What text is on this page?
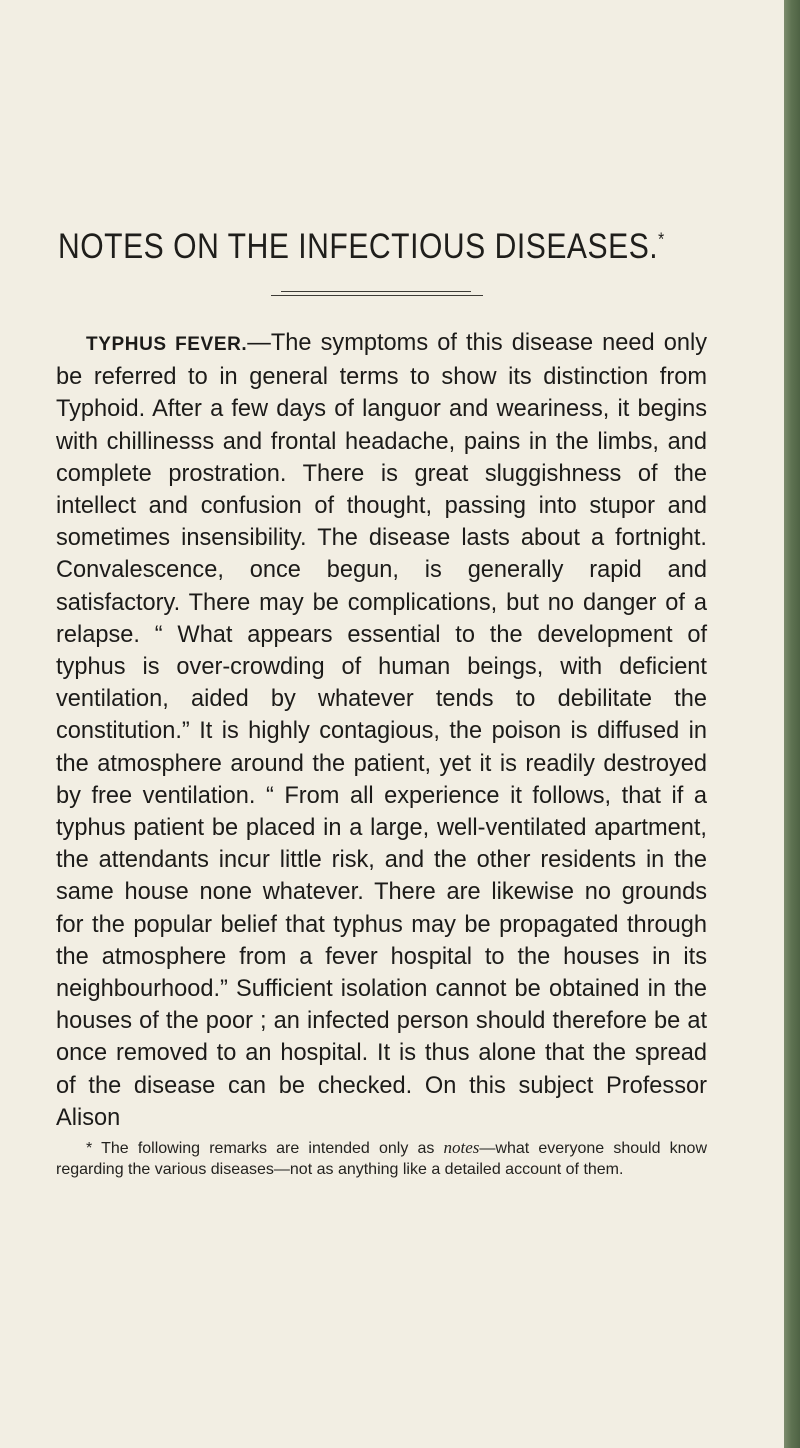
NOTES ON THE INFECTIOUS DISEASES.*

TYPHUS FEVER.—The symptoms of this disease need only be referred to in general terms to show its distinction from Typhoid. After a few days of languor and weariness, it begins with chillinesss and frontal headache, pains in the limbs, and complete prostration. There is great sluggishness of the intellect and confusion of thought, passing into stupor and sometimes insensibility. The disease lasts about a fortnight. Convalescence, once begun, is generally rapid and satisfactory. There may be complications, but no danger of a relapse. “ What appears essential to the development of typhus is over-crowding of human beings, with deficient ventilation, aided by whatever tends to debilitate the constitution.” It is highly contagious, the poison is diffused in the atmosphere around the patient, yet it is readily destroyed by free ventilation. “ From all experience it follows, that if a typhus patient be placed in a large, well-ventilated apartment, the attendants incur little risk, and the other residents in the same house none whatever. There are likewise no grounds for the popular belief that typhus may be propagated through the atmosphere from a fever hospital to the houses in its neighbourhood.” Sufficient isolation cannot be obtained in the houses of the poor ; an infected person should therefore be at once removed to an hospital. It is thus alone that the spread of the disease can be checked. On this subject Professor Alison

* The following remarks are intended only as notes—what everyone should know regarding the various diseases—not as anything like a detailed account of them.
